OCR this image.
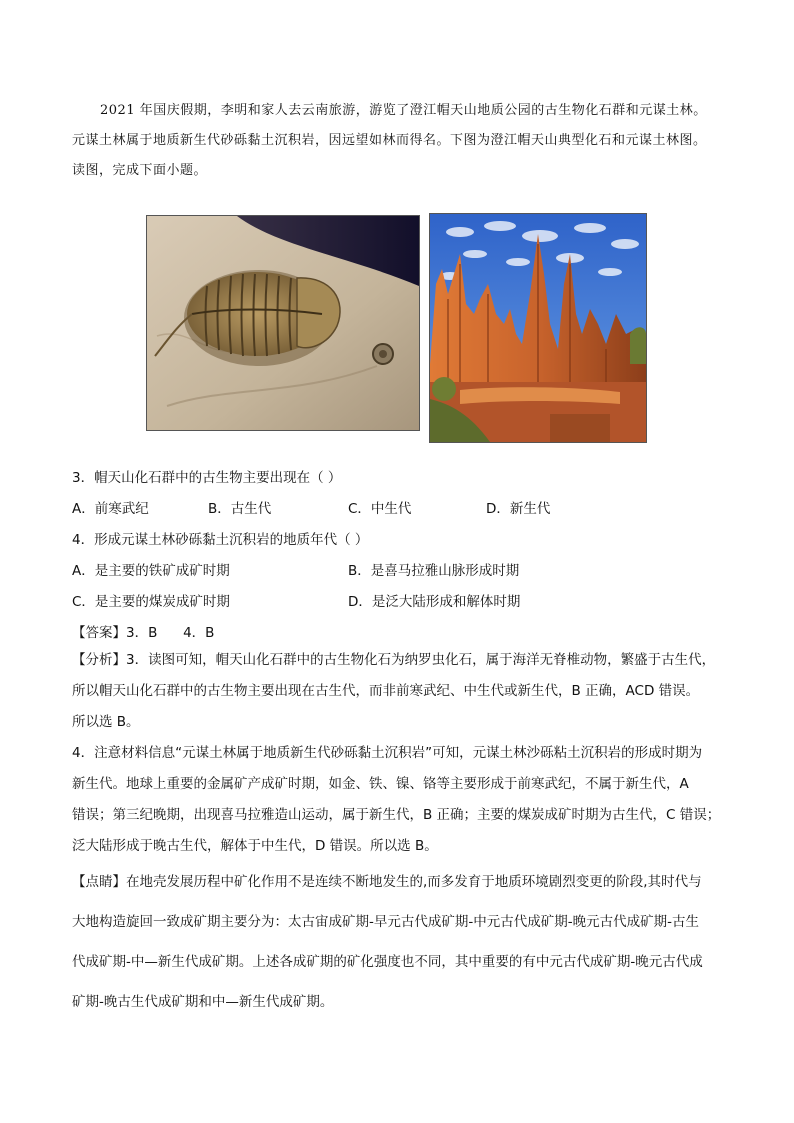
2021 年国庆假期，李明和家人去云南旅游，游览了澄江帽天山地质公园的古生物化石群和元谋土林。

元谋土林属于地质新生代砂砾黏土沉积岩，因远望如林而得名。下图为澄江帽天山典型化石和元谋土林图。

读图，完成下面小题。

3．帽天山化石群中的古生物主要出现在（ ）
A．前寒武纪	B．古生代	C．中生代	D．新生代
4．形成元谋土林砂砾黏土沉积岩的地质年代（ ）
A．是主要的铁矿成矿时期	B．是喜马拉雅山脉形成时期
C．是主要的煤炭成矿时期	D．是泛大陆形成和解体时期
【答案】3．B      4．B
【分析】3．读图可知，帽天山化石群中的古生物化石为纳罗虫化石，属于海洋无脊椎动物，繁盛于古生代，
所以帽天山化石群中的古生物主要出现在古生代，而非前寒武纪、中生代或新生代，B 正确，ACD 错误。
所以选 B。
4．注意材料信息“元谋土林属于地质新生代砂砾黏土沉积岩”可知，元谋土林沙砾粘土沉积岩的形成时期为
新生代。地球上重要的金属矿产成矿时期，如金、铁、镍、铬等主要形成于前寒武纪，不属于新生代，A
错误；第三纪晚期，出现喜马拉雅造山运动，属于新生代，B 正确；主要的煤炭成矿时期为古生代，C 错误；
泛大陆形成于晚古生代，解体于中生代，D 错误。所以选 B。
【点睛】在地壳发展历程中矿化作用不是连续不断地发生的,而多发育于地质环境剧烈变更的阶段,其时代与
大地构造旋回一致成矿期主要分为：太古宙成矿期-早元古代成矿期-中元古代成矿期-晚元古代成矿期-古生
代成矿期-中—新生代成矿期。上述各成矿期的矿化强度也不同，其中重要的有中元古代成矿期-晚元古代成
矿期-晚古生代成矿期和中—新生代成矿期。
